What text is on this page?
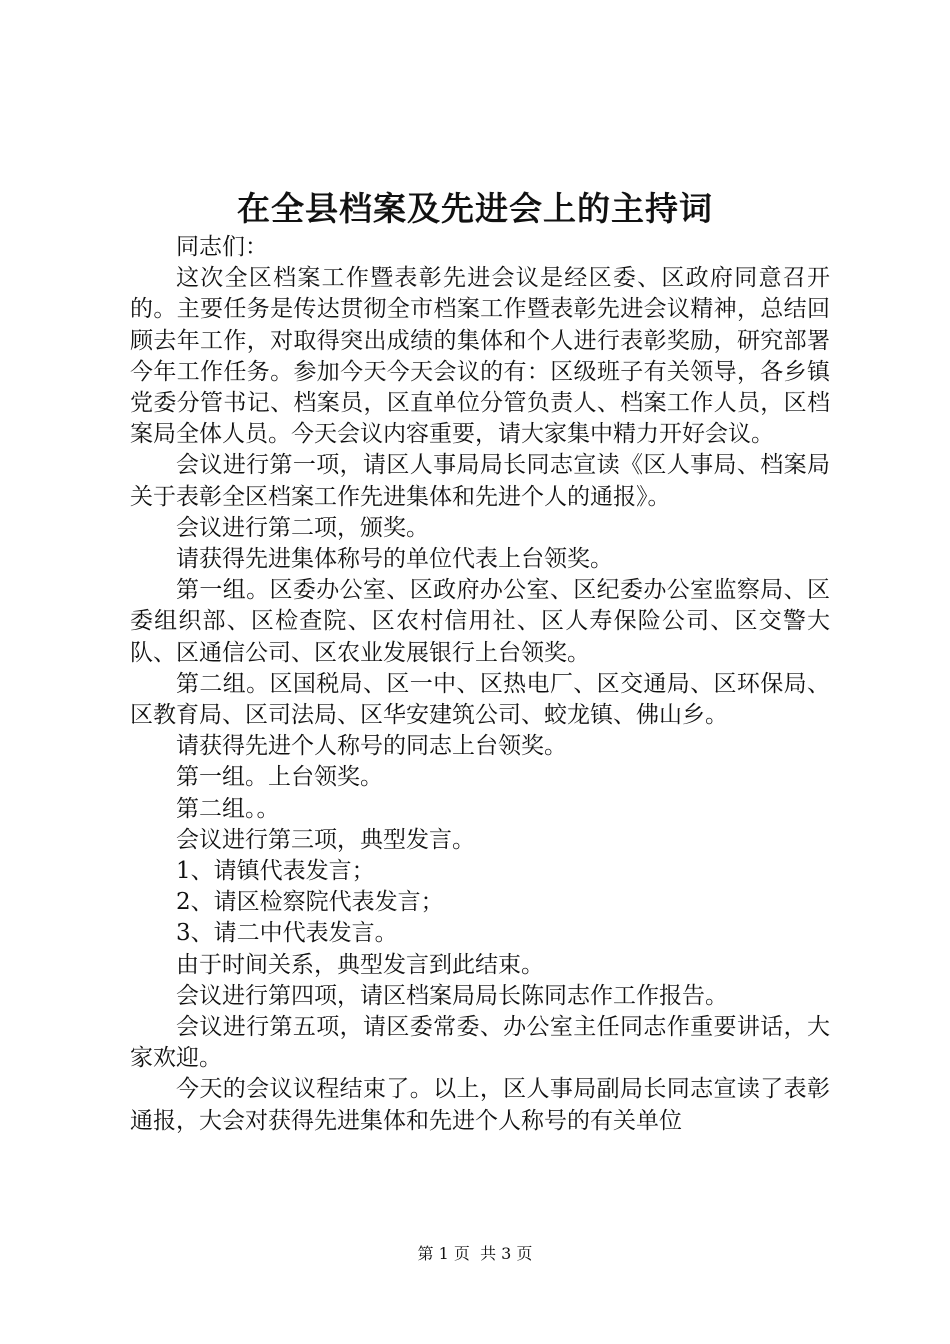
在全县档案及先进会上的主持词

同志们：

这次全区档案工作暨表彰先进会议是经区委、区政府同意召开的。主要任务是传达贯彻全市档案工作暨表彰先进会议精神，总结回顾去年工作，对取得突出成绩的集体和个人进行表彰奖励，研究部署今年工作任务。参加今天今天会议的有：区级班子有关领导，各乡镇党委分管书记、档案员，区直单位分管负责人、档案工作人员，区档案局全体人员。今天会议内容重要，请大家集中精力开好会议。

会议进行第一项，请区人事局局长同志宣读《区人事局、档案局关于表彰全区档案工作先进集体和先进个人的通报》。

会议进行第二项，颁奖。

请获得先进集体称号的单位代表上台领奖。

第一组。区委办公室、区政府办公室、区纪委办公室监察局、区委组织部、区检查院、区农村信用社、区人寿保险公司、区交警大队、区通信公司、区农业发展银行上台领奖。

第二组。区国税局、区一中、区热电厂、区交通局、区环保局、区教育局、区司法局、区华安建筑公司、蛟龙镇、佛山乡。

请获得先进个人称号的同志上台领奖。

第一组。上台领奖。

第二组。。

会议进行第三项，典型发言。

1、请镇代表发言；

2、请区检察院代表发言；

3、请二中代表发言。

由于时间关系，典型发言到此结束。

会议进行第四项，请区档案局局长陈同志作工作报告。

会议进行第五项，请区委常委、办公室主任同志作重要讲话，大家欢迎。

今天的会议议程结束了。以上，区人事局副局长同志宣读了表彰通报，大会对获得先进集体和先进个人称号的有关单位

第 1 页  共 3 页
